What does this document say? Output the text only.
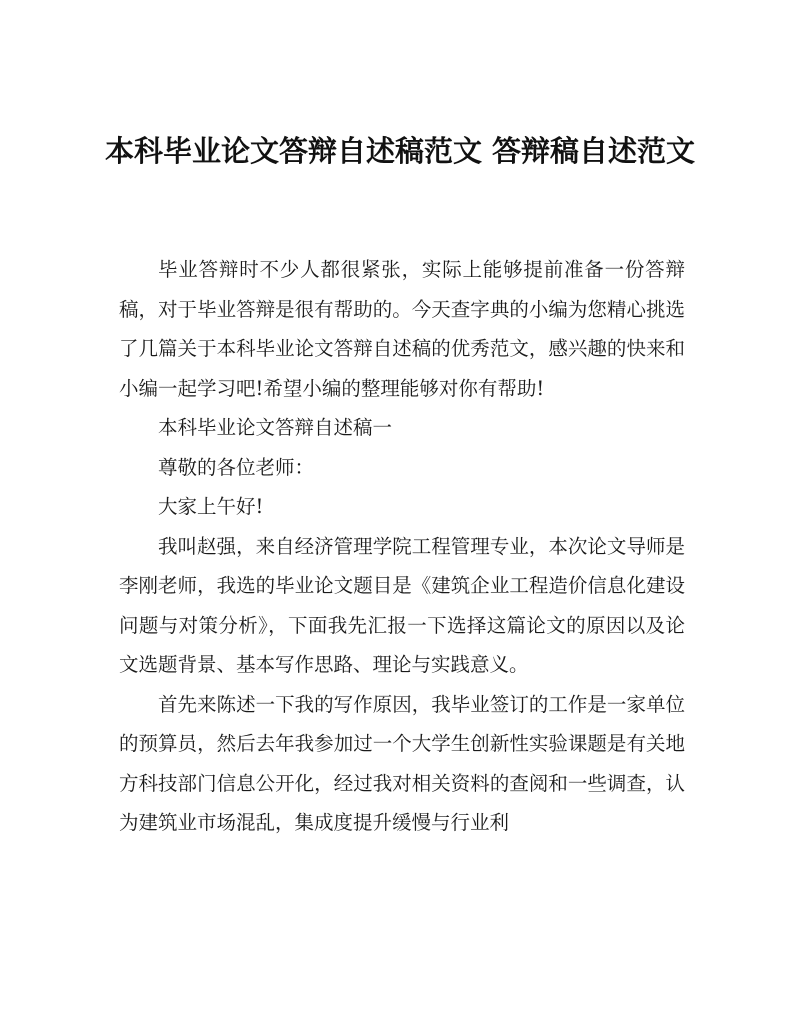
本科毕业论文答辩自述稿范文 答辩稿自述范文

毕业答辩时不少人都很紧张，实际上能够提前准备一份答辩稿，对于毕业答辩是很有帮助的。今天查字典的小编为您精心挑选了几篇关于本科毕业论文答辩自述稿的优秀范文，感兴趣的快来和小编一起学习吧!希望小编的整理能够对你有帮助!

本科毕业论文答辩自述稿一

尊敬的各位老师：

大家上午好!

我叫赵强，来自经济管理学院工程管理专业，本次论文导师是李刚老师，我选的毕业论文题目是《建筑企业工程造价信息化建设问题与对策分析》，下面我先汇报一下选择这篇论文的原因以及论文选题背景、基本写作思路、理论与实践意义。

首先来陈述一下我的写作原因，我毕业签订的工作是一家单位的预算员，然后去年我参加过一个大学生创新性实验课题是有关地方科技部门信息公开化，经过我对相关资料的查阅和一些调查，认为建筑业市场混乱，集成度提升缓慢与行业利
